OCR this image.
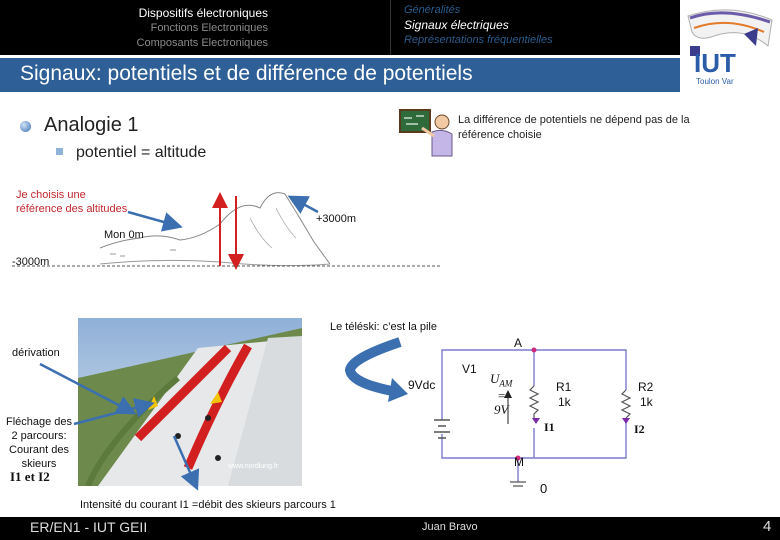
Dispositifs électroniques
Fonctions Electroniques
Composants Electroniques
Généralités
Signaux électriques
Représentations fréquentielles
IUT
Toulon Var
Signaux: potentiels et de différence de potentiels
Analogie 1
potentiel = altitude
La différence de potentiels ne dépend pas de la référence choisie
www.nordlung.fr
A
V1
9Vdc	$U_{AM}$
=
9V
R1
1k
R2
1k
I1	I2
M
0
Je choisis une référence des altitudes
+3000m
Mon 0m
-3000m
Le téléski: c’est la pile
dérivation
Fléchage des 2 parcours: Courant des skieurs
I1 et I2
Intensité du courant I1 =débit des skieurs parcours 1
ER/EN1 - IUT GEII	Juan Bravo	4
